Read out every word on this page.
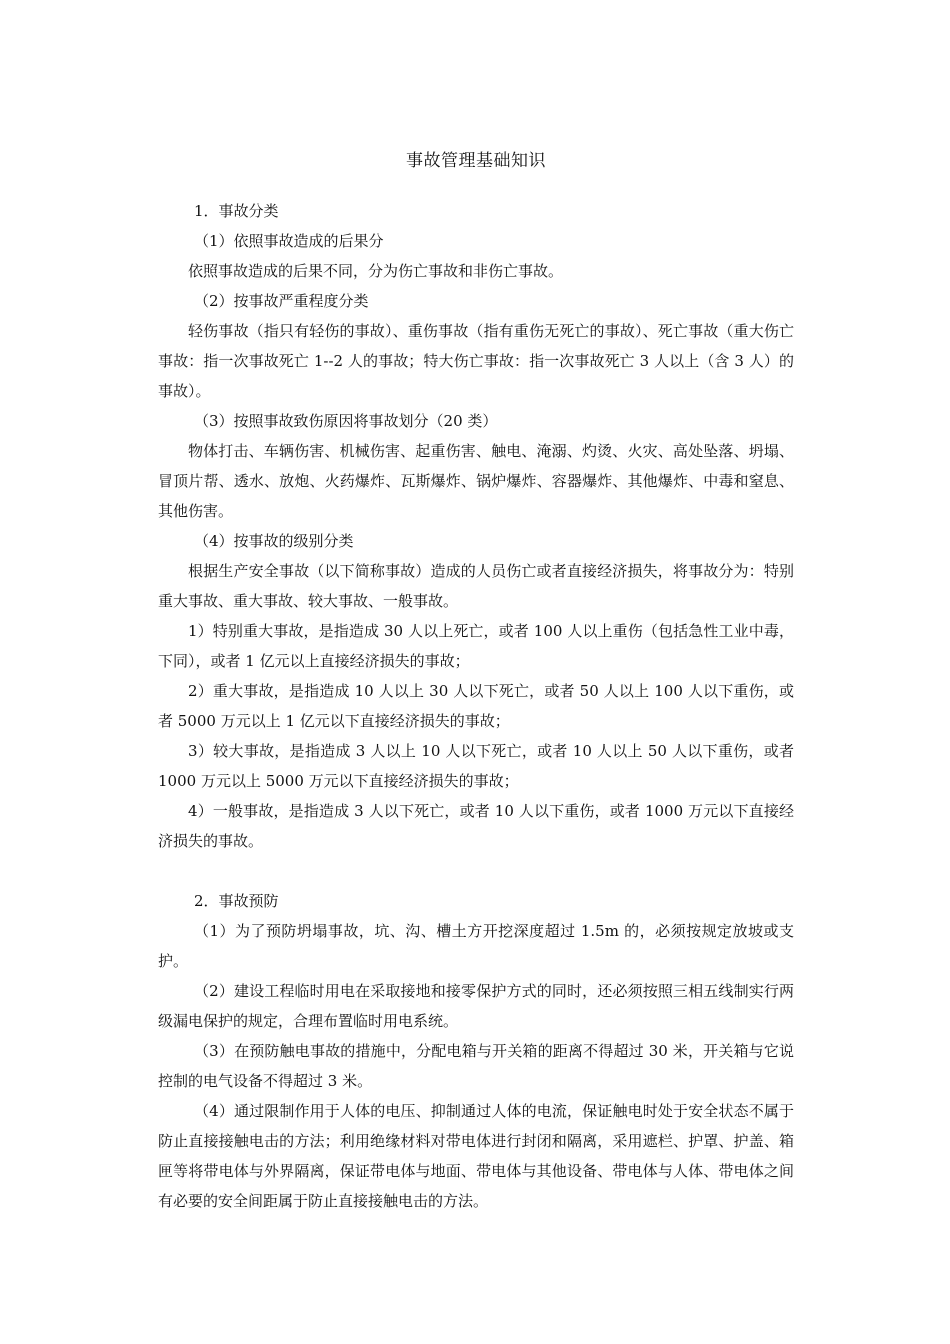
事故管理基础知识

1．事故分类

（1）依照事故造成的后果分

依照事故造成的后果不同，分为伤亡事故和非伤亡事故。

（2）按事故严重程度分类

轻伤事故（指只有轻伤的事故）、重伤事故（指有重伤无死亡的事故）、死亡事故（重大伤亡事故：指一次事故死亡 1--2 人的事故；特大伤亡事故：指一次事故死亡 3 人以上（含 3 人）的事故）。

（3）按照事故致伤原因将事故划分（20 类）

物体打击、车辆伤害、机械伤害、起重伤害、触电、淹溺、灼烫、火灾、高处坠落、坍塌、冒顶片帮、透水、放炮、火药爆炸、瓦斯爆炸、锅炉爆炸、容器爆炸、其他爆炸、中毒和窒息、其他伤害。

（4）按事故的级别分类

根据生产安全事故（以下简称事故）造成的人员伤亡或者直接经济损失，将事故分为：特别重大事故、重大事故、较大事故、一般事故。

1）特别重大事故，是指造成 30 人以上死亡，或者 100 人以上重伤（包括急性工业中毒，下同），或者 1 亿元以上直接经济损失的事故；

2）重大事故，是指造成 10 人以上 30 人以下死亡，或者 50 人以上 100 人以下重伤，或者 5000 万元以上 1 亿元以下直接经济损失的事故；

3）较大事故，是指造成 3 人以上 10 人以下死亡，或者 10 人以上 50 人以下重伤，或者 1000 万元以上 5000 万元以下直接经济损失的事故；

4）一般事故，是指造成 3 人以下死亡，或者 10 人以下重伤，或者 1000 万元以下直接经济损失的事故。

2．事故预防

（1）为了预防坍塌事故，坑、沟、槽土方开挖深度超过 1.5m 的，必须按规定放坡或支护。

（2）建设工程临时用电在采取接地和接零保护方式的同时，还必须按照三相五线制实行两级漏电保护的规定，合理布置临时用电系统。

（3）在预防触电事故的措施中，分配电箱与开关箱的距离不得超过 30 米，开关箱与它说控制的电气设备不得超过 3 米。

（4）通过限制作用于人体的电压、抑制通过人体的电流，保证触电时处于安全状态不属于防止直接接触电击的方法；利用绝缘材料对带电体进行封闭和隔离，采用遮栏、护罩、护盖、箱匣等将带电体与外界隔离，保证带电体与地面、带电体与其他设备、带电体与人体、带电体之间有必要的安全间距属于防止直接接触电击的方法。
